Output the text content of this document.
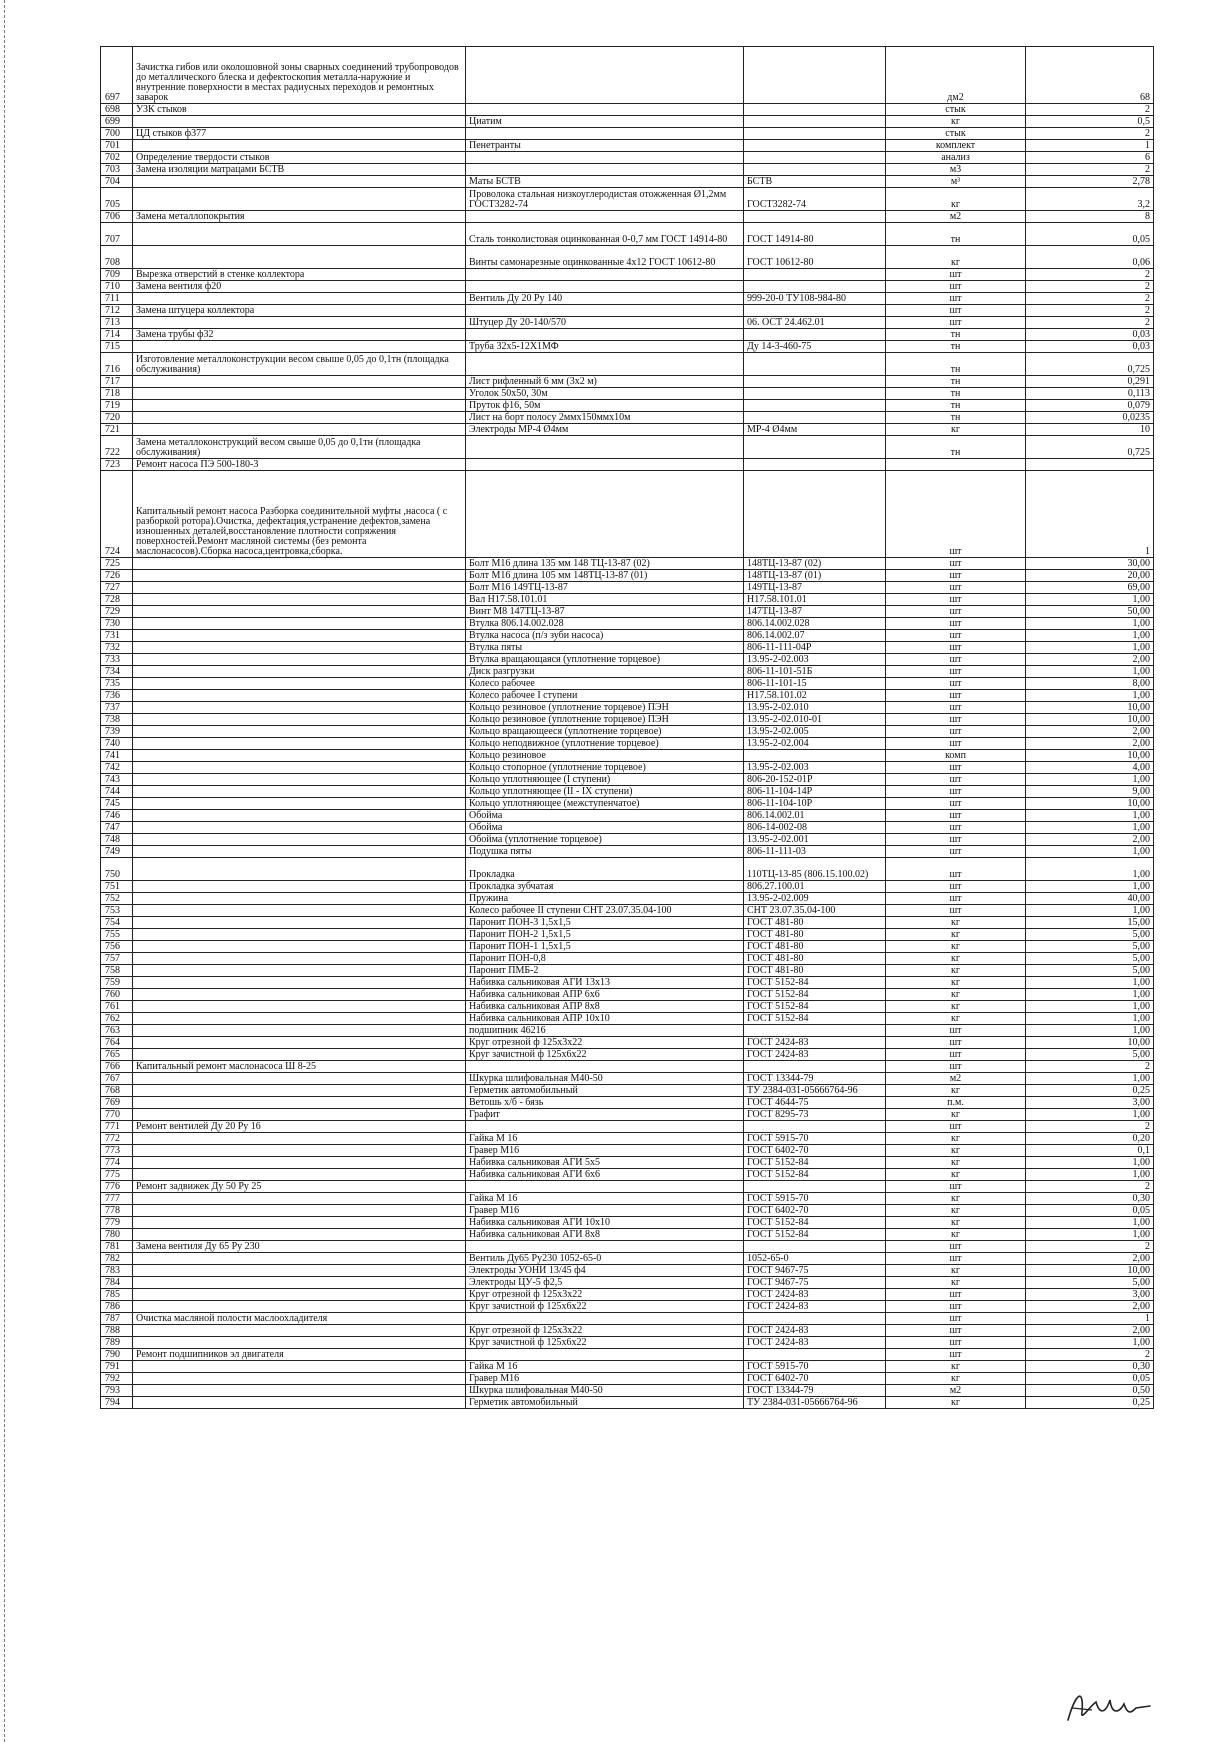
697	Зачистка гибов или околошовной зоны сварных соединений трубопроводов до металлического блеска и дефектоскопия металла-наружние и внутренние поверхности в местах радиусных переходов и ремонтных заварок			дм2	68
698	УЗК стыков			стык	2
699		Циатим		кг	0,5
700	ЦД стыков ф377			стык	2
701		Пенетранты		комплект	1
702	Определение твердости стыков			анализ	6
703	Замена изоляции матрацами БСТВ			м3	2
704		Маты БСТВ	БСТВ	м³	2,78
705		Проволока стальная низкоуглеродистая отожженная Ø1,2мм ГОСТ3282-74	ГОСТ3282-74	кг	3,2
706	Замена металлопокрытия			м2	8
707		Сталь тонколистовая оцинкованная 0-0,7 мм ГОСТ 14914-80	ГОСТ 14914-80	тн	0,05
708		Винты самонарезные оцинкованные 4х12 ГОСТ 10612-80	ГОСТ 10612-80	кг	0,06
709	Вырезка отверстий в стенке коллектора			шт	2
710	Замена вентиля ф20			шт	2
711		Вентиль Ду 20 Ру 140	999-20-0 ТУ108-984-80	шт	2
712	Замена штуцера коллектора			шт	2
713		Штуцер Ду 20-140/570	06. ОСТ 24.462.01	шт	2
714	Замена трубы ф32			тн	0,03
715		Труба 32х5-12Х1МФ	Ду 14-3-460-75	тн	0,03
716	Изготовление металлоконструкции весом свыше 0,05 до 0,1тн (площадка обслуживания)			тн	0,725
717		Лист рифленный 6 мм (3х2 м)		тн	0,291
718		Уголок 50х50, 30м		тн	0,113
719		Пруток ф16, 50м		тн	0,079
720		Лист на борт полосу 2ммх150ммх10м		тн	0,0235
721		Электроды МР-4 Ø4мм	МР-4 Ø4мм	кг	10
722	Замена металлоконструкций весом свыше 0,05 до 0,1тн (площадка обслуживания)			тн	0,725
723	Ремонт насоса ПЭ 500-180-3				
724	Капитальный ремонт насоса Разборка соединительной муфты ,насоса ( с разборкой ротора).Очистка, дефектация,устранение дефектов,замена изношенных деталей,восстановление плотности сопряжения поверхностей.Ремонт масляной системы (без ремонта маслонасосов).Сборка насоса,центровка,сборка.			шт	1
725		Болт М16 длина 135 мм 148 ТЦ-13-87 (02)	148ТЦ-13-87 (02)	шт	30,00
726		Болт М16 длина 105 мм 148ТЦ-13-87 (01)	148ТЦ-13-87 (01)	шт	20,00
727		Болт М16 149ТЦ-13-87	149ТЦ-13-87	шт	69,00
728		Вал Н17.58.101.01	Н17.58.101.01	шт	1,00
729		Винт М8 147ТЦ-13-87	147ТЦ-13-87	шт	50,00
730		Втулка 806.14.002.028	806.14.002.028	шт	1,00
731		Втулка насоса (п/з зуби насоса)	806.14.002.07	шт	1,00
732		Втулка пяты	806-11-111-04Р	шт	1,00
733		Втулка вращающаяся (уплотнение торцевое)	13.95-2-02.003	шт	2,00
734		Диск разгрузки	806-11-101-51Б	шт	1,00
735		Колесо рабочее	806-11-101-15	шт	8,00
736		Колесо рабочее I ступени	Н17.58.101.02	шт	1,00
737		Кольцо резиновое (уплотнение торцевое) ПЭН	13.95-2-02.010	шт	10,00
738		Кольцо резиновое (уплотнение торцевое) ПЭН	13.95-2-02.010-01	шт	10,00
739		Кольцо вращающееся (уплотнение торцевое)	13.95-2-02.005	шт	2,00
740		Кольцо неподвижное (уплотнение торцевое)	13.95-2-02.004	шт	2,00
741		Кольцо резиновое		комп	10,00
742		Кольцо стопорное (уплотнение торцевое)	13.95-2-02.003	шт	4,00
743		Кольцо уплотняющее (I ступени)	806-20-152-01Р	шт	1,00
744		Кольцо уплотняющее (II - IX ступени)	806-11-104-14Р	шт	9,00
745		Кольцо уплотняющее (межступенчатое)	806-11-104-10Р	шт	10,00
746		Обойма	806.14.002.01	шт	1,00
747		Обойма	806-14-002-08	шт	1,00
748		Обойма (уплотнение торцевое)	13.95-2-02.001	шт	2,00
749		Подушка пяты	806-11-111-03	шт	1,00
750		Прокладка	110ТЦ-13-85 (806.15.100.02)	шт	1,00
751		Прокладка зубчатая	806.27.100.01	шт	1,00
752		Пружина	13.95-2-02.009	шт	40,00
753		Колесо рабочее II ступени СНТ 23.07.35.04-100	СНТ 23.07.35.04-100	шт	1,00
754		Паронит ПОН-3 1,5х1,5	ГОСТ 481-80	кг	15,00
755		Паронит ПОН-2 1,5х1,5	ГОСТ 481-80	кг	5,00
756		Паронит ПОН-1 1,5х1,5	ГОСТ 481-80	кг	5,00
757		Паронит ПОН-0,8	ГОСТ 481-80	кг	5,00
758		Паронит ПМБ-2	ГОСТ 481-80	кг	5,00
759		Набивка сальниковая АГИ 13х13	ГОСТ 5152-84	кг	1,00
760		Набивка сальниковая АПР 6х6	ГОСТ 5152-84	кг	1,00
761		Набивка сальниковая АПР 8х8	ГОСТ 5152-84	кг	1,00
762		Набивка сальниковая АПР 10х10	ГОСТ 5152-84	кг	1,00
763		подшипник 46216		шт	1,00
764		Круг отрезной ф 125х3х22	ГОСТ 2424-83	шт	10,00
765		Круг зачистной ф 125х6х22	ГОСТ 2424-83	шт	5,00
766	Капитальный ремонт маслонасоса Ш 8-25			шт	2
767		Шкурка шлифовальная М40-50	ГОСТ 13344-79	м2	1,00
768		Герметик автомобильный	ТУ 2384-031-05666764-96	кг	0,25
769		Ветошь х/б - бязь	ГОСТ 4644-75	п.м.	3,00
770		Графит	ГОСТ 8295-73	кг	1,00
771	Ремонт вентилей Ду 20 Ру 16			шт	2
772		Гайка М 16	ГОСТ 5915-70	кг	0,20
773		Гравер М16	ГОСТ 6402-70	кг	0,1
774		Набивка сальниковая АГИ 5х5	ГОСТ 5152-84	кг	1,00
775		Набивка сальниковая АГИ 6х6	ГОСТ 5152-84	кг	1,00
776	Ремонт задвижек Ду 50 Ру 25			шт	2
777		Гайка М 16	ГОСТ 5915-70	кг	0,30
778		Гравер М16	ГОСТ 6402-70	кг	0,05
779		Набивка сальниковая АГИ 10х10	ГОСТ 5152-84	кг	1,00
780		Набивка сальниковая АГИ 8х8	ГОСТ 5152-84	кг	1,00
781	Замена вентиля Ду 65 Ру 230			шт	2
782		Вентиль Ду65 Ру230 1052-65-0	1052-65-0	шт	2,00
783		Электроды УОНИ 13/45 ф4	ГОСТ 9467-75	кг	10,00
784		Электроды ЦУ-5 ф2,5	ГОСТ 9467-75	кг	5,00
785		Круг отрезной ф 125х3х22	ГОСТ 2424-83	шт	3,00
786		Круг зачистной ф 125х6х22	ГОСТ 2424-83	шт	2,00
787	Очистка масляной полости маслоохладителя			шт	1
788		Круг отрезной ф 125х3х22	ГОСТ 2424-83	шт	2,00
789		Круг зачистной ф 125х6х22	ГОСТ 2424-83	шт	1,00
790	Ремонт подшипников эл двигателя			шт	2
791		Гайка М 16	ГОСТ 5915-70	кг	0,30
792		Гравер М16	ГОСТ 6402-70	кг	0,05
793		Шкурка шлифовальная М40-50	ГОСТ 13344-79	м2	0,50
794		Герметик автомобильный	ТУ 2384-031-05666764-96	кг	0,25
